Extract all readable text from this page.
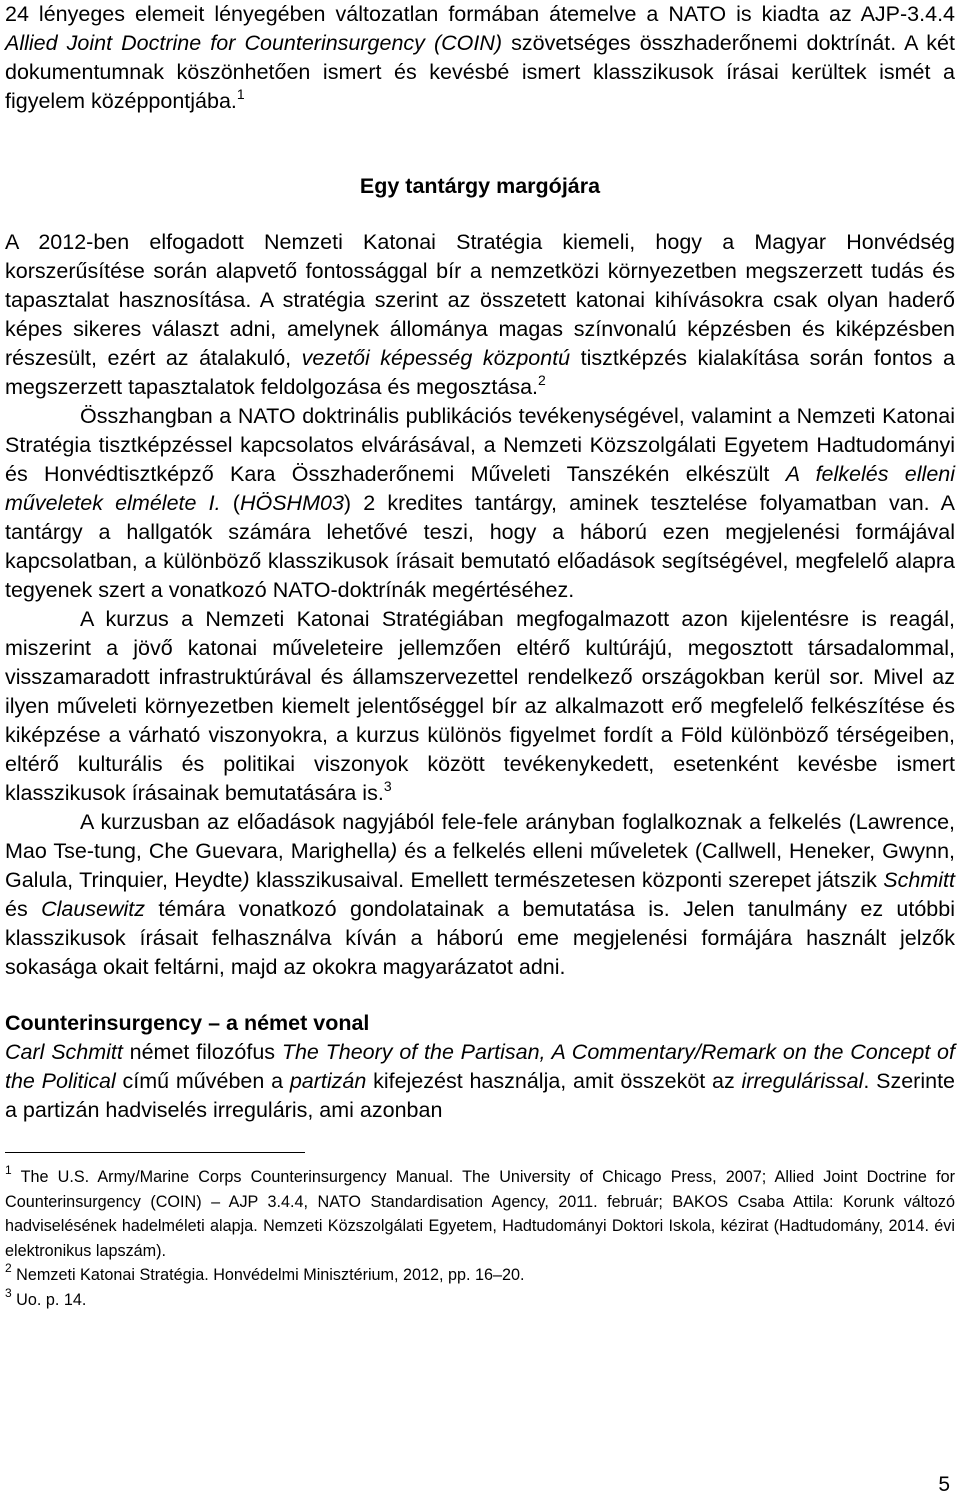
24 lényeges elemeit lényegében változatlan formában átemelve a NATO is kiadta az AJP-3.4.4 Allied Joint Doctrine for Counterinsurgency (COIN) szövetséges összhaderőnemi doktrínát. A két dokumentumnak köszönhetően ismert és kevésbé ismert klasszikusok írásai kerültek ismét a figyelem középpontjába.$^1$

Egy tantárgy margójára

A 2012-ben elfogadott Nemzeti Katonai Stratégia kiemeli, hogy a Magyar Honvédség korszerűsítése során alapvető fontossággal bír a nemzetközi környezetben megszerzett tudás és tapasztalat hasznosítása. A stratégia szerint az összetett katonai kihívásokra csak olyan haderő képes sikeres választ adni, amelynek állománya magas színvonalú képzésben és kiképzésben részesült, ezért az átalakuló, vezetői képesség központú tisztképzés kialakítása során fontos a megszerzett tapasztalatok feldolgozása és megosztása.$^2$

Összhangban a NATO doktrinális publikációs tevékenységével, valamint a Nemzeti Katonai Stratégia tisztképzéssel kapcsolatos elvárásával, a Nemzeti Közszolgálati Egyetem Hadtudományi és Honvédtisztképző Kara Összhaderőnemi Műveleti Tanszékén elkészült A felkelés elleni műveletek elmélete I. (HÖSHM03) 2 kredites tantárgy, aminek tesztelése folyamatban van. A tantárgy a hallgatók számára lehetővé teszi, hogy a háború ezen megjelenési formájával kapcsolatban, a különböző klasszikusok írásait bemutató előadások segítségével, megfelelő alapra tegyenek szert a vonatkozó NATO-doktrínák megértéséhez.

A kurzus a Nemzeti Katonai Stratégiában megfogalmazott azon kijelentésre is reagál, miszerint a jövő katonai műveleteire jellemzően eltérő kultúrájú, megosztott társadalommal, visszamaradott infrastruktúrával és államszervezettel rendelkező országokban kerül sor. Mivel az ilyen műveleti környezetben kiemelt jelentőséggel bír az alkalmazott erő megfelelő felkészítése és kiképzése a várható viszonyokra, a kurzus különös figyelmet fordít a Föld különböző térségeiben, eltérő kulturális és politikai viszonyok között tevékenykedett, esetenként kevésbe ismert klasszikusok írásainak bemutatására is.$^3$

A kurzusban az előadások nagyjából fele-fele arányban foglalkoznak a felkelés (Lawrence, Mao Tse-tung, Che Guevara, Marighella) és a felkelés elleni műveletek (Callwell, Heneker, Gwynn, Galula, Trinquier, Heydte) klasszikusaival. Emellett természetesen központi szerepet játszik Schmitt és Clausewitz témára vonatkozó gondolatainak a bemutatása is. Jelen tanulmány ez utóbbi klasszikusok írásait felhasználva kíván a háború eme megjelenési formájára használt jelzők sokasága okait feltárni, majd az okokra magyarázatot adni.

Counterinsurgency – a német vonal

Carl Schmitt német filozófus The Theory of the Partisan, A Commentary/Remark on the Concept of the Political című művében a partizán kifejezést használja, amit összeköt az irregulárissal. Szerinte a partizán hadviselés irreguláris, ami azonban

$^1$ The U.S. Army/Marine Corps Counterinsurgency Manual. The University of Chicago Press, 2007; Allied Joint Doctrine for Counterinsurgency (COIN) – AJP 3.4.4, NATO Standardisation Agency, 2011. február; BAKOS Csaba Attila: Korunk változó hadviselésének hadelméleti alapja. Nemzeti Közszolgálati Egyetem, Hadtudományi Doktori Iskola, kézirat (Hadtudomány, 2014. évi elektronikus lapszám).

$^2$ Nemzeti Katonai Stratégia. Honvédelmi Minisztérium, 2012, pp. 16–20.

$^3$ Uo. p. 14.

5
